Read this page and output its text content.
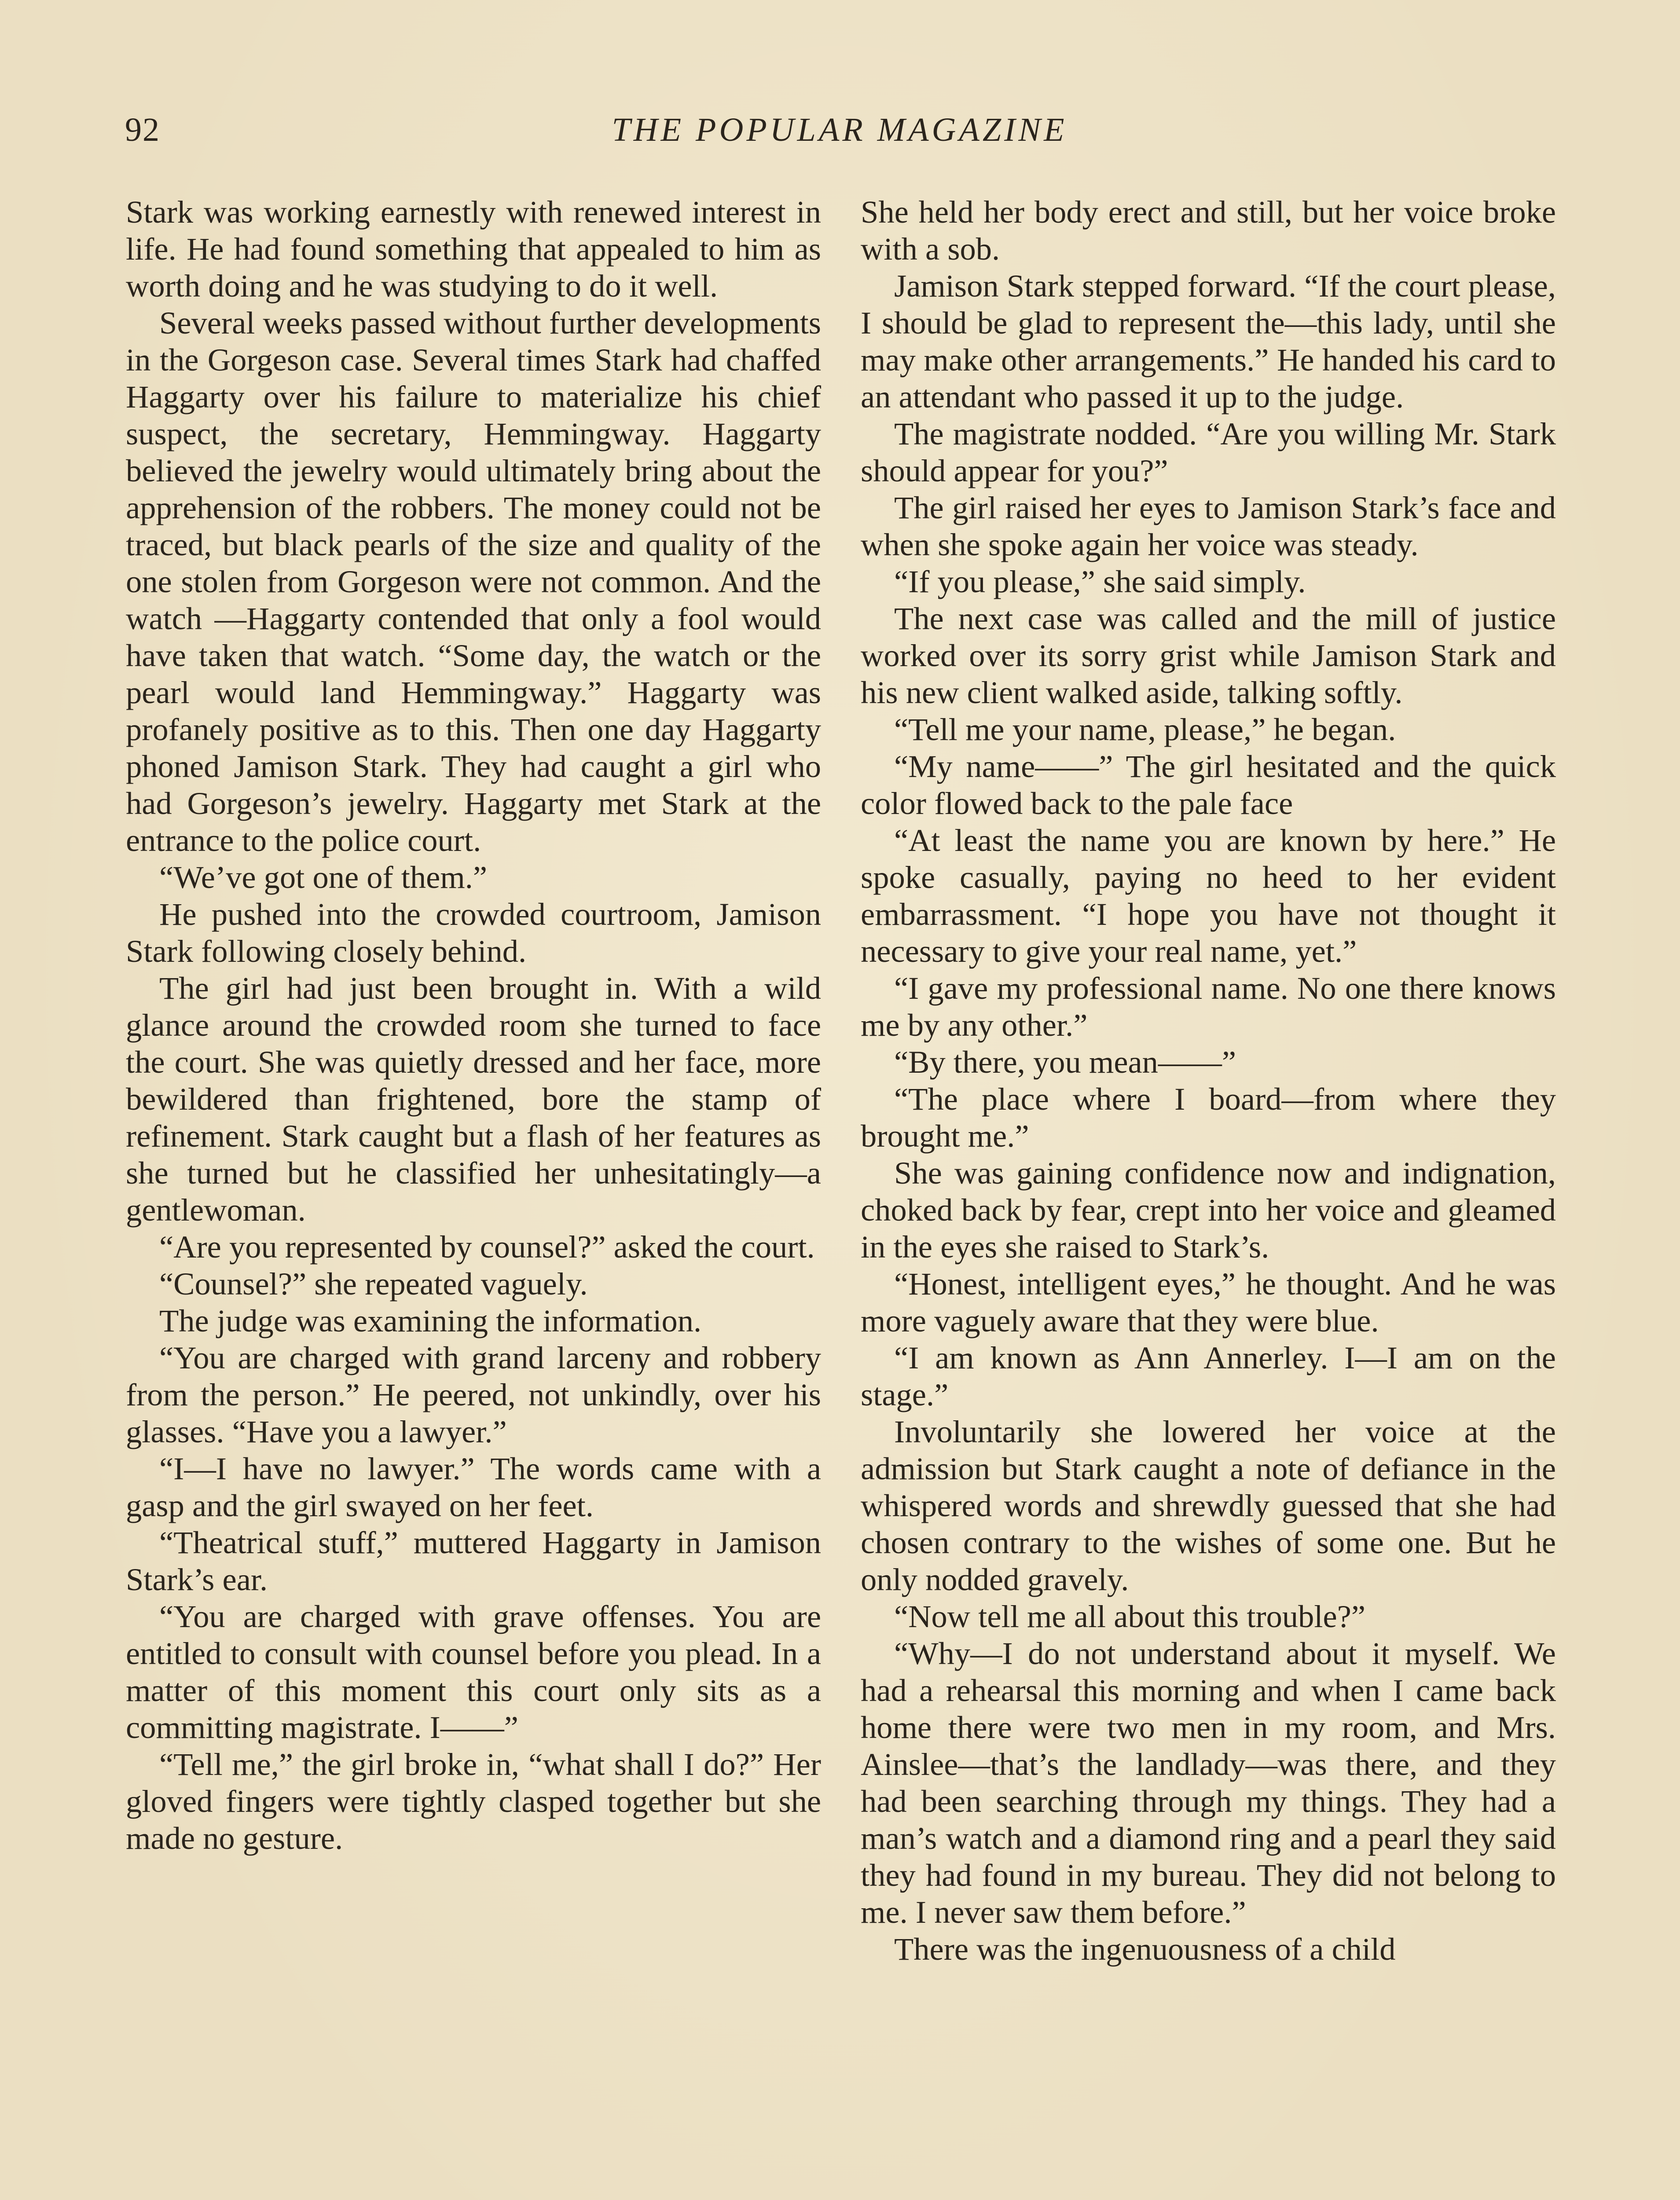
92	THE POPULAR MAGAZINE

Stark was working earnestly with renewed interest in life. He had found something that appealed to him as worth doing and he was studying to do it well.

Several weeks passed without further developments in the Gorgeson case. Several times Stark had chaffed Haggarty over his failure to materialize his chief suspect, the secretary, Hemmingway. Haggarty believed the jewelry would ultimately bring about the apprehension of the robbers. The money could not be traced, but black pearls of the size and quality of the one stolen from Gorgeson were not common. And the watch —Haggarty contended that only a fool would have taken that watch. “Some day, the watch or the pearl would land Hemmingway.” Haggarty was profanely positive as to this. Then one day Haggarty phoned Jamison Stark. They had caught a girl who had Gorgeson’s jewelry. Haggarty met Stark at the entrance to the police court.

“We’ve got one of them.”

He pushed into the crowded courtroom, Jamison Stark following closely behind.

The girl had just been brought in. With a wild glance around the crowded room she turned to face the court. She was quietly dressed and her face, more bewildered than frightened, bore the stamp of refinement. Stark caught but a flash of her features as she turned but he classified her unhesitatingly—a gentlewoman.

“Are you represented by counsel?” asked the court.

“Counsel?” she repeated vaguely.

The judge was examining the information.

“You are charged with grand larceny and robbery from the person.” He peered, not unkindly, over his glasses. “Have you a lawyer.”

“I—I have no lawyer.” The words came with a gasp and the girl swayed on her feet.

“Theatrical stuff,” muttered Haggarty in Jamison Stark’s ear.

“You are charged with grave offenses. You are entitled to consult with counsel before you plead. In a matter of this moment this court only sits as a committing magistrate. I——”

“Tell me,” the girl broke in, “what shall I do?” Her gloved fingers were tightly clasped together but she made no gesture.

She held her body erect and still, but her voice broke with a sob.

Jamison Stark stepped forward. “If the court please, I should be glad to represent the—this lady, until she may make other arrangements.” He handed his card to an attendant who passed it up to the judge.

The magistrate nodded. “Are you willing Mr. Stark should appear for you?”

The girl raised her eyes to Jamison Stark’s face and when she spoke again her voice was steady.

“If you please,” she said simply.

The next case was called and the mill of justice worked over its sorry grist while Jamison Stark and his new client walked aside, talking softly.

“Tell me your name, please,” he began.

“My name——” The girl hesitated and the quick color flowed back to the pale face

“At least the name you are known by here.” He spoke casually, paying no heed to her evident embarrassment. “I hope you have not thought it necessary to give your real name, yet.”

“I gave my professional name. No one there knows me by any other.”

“By there, you mean——”

“The place where I board—from where they brought me.”

She was gaining confidence now and indignation, choked back by fear, crept into her voice and gleamed in the eyes she raised to Stark’s.

“Honest, intelligent eyes,” he thought. And he was more vaguely aware that they were blue.

“I am known as Ann Annerley. I—I am on the stage.”

Involuntarily she lowered her voice at the admission but Stark caught a note of defiance in the whispered words and shrewdly guessed that she had chosen contrary to the wishes of some one. But he only nodded gravely.

“Now tell me all about this trouble?”

“Why—I do not understand about it myself. We had a rehearsal this morning and when I came back home there were two men in my room, and Mrs. Ainslee—that’s the landlady—was there, and they had been searching through my things. They had a man’s watch and a diamond ring and a pearl they said they had found in my bureau. They did not belong to me. I never saw them before.”

There was the ingenuousness of a child
